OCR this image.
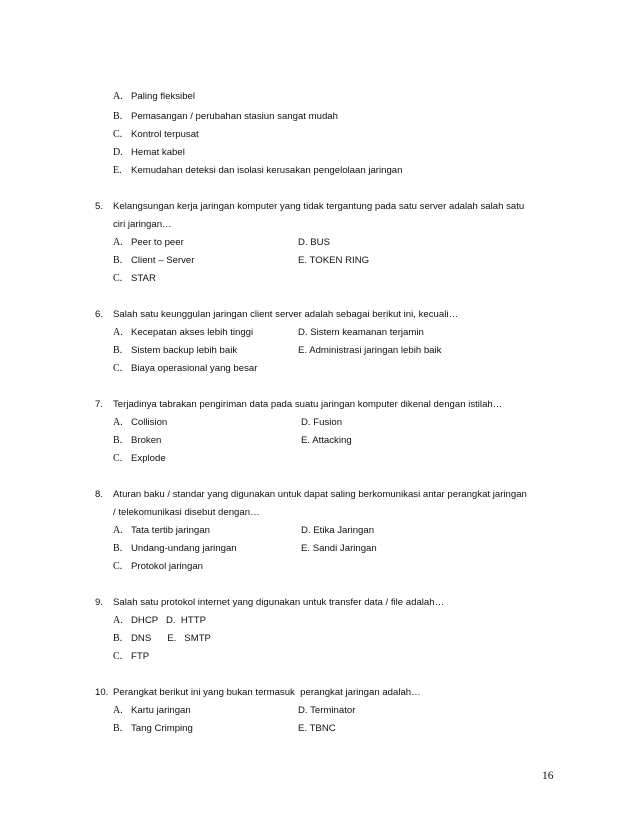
A. Paling fleksibel
B. Pemasangan / perubahan stasiun sangat mudah
C. Kontrol terpusat
D. Hemat kabel
E. Kemudahan deteksi dan isolasi kerusakan pengelolaan jaringan
5. Kelangsungan kerja jaringan komputer yang tidak tergantung pada satu server adalah salah satu
ciri jaringan…
A. Peer to peer	D. BUS
B. Client – Server	E. TOKEN RING
C. STAR
6. Salah satu keunggulan jaringan client server adalah sebagai berikut ini, kecuali…
A. Kecepatan akses lebih tinggi	D. Sistem keamanan terjamin
B. Sistem backup lebih baik	E. Administrasi jaringan lebih baik
C. Biaya operasional yang besar
7. Terjadinya tabrakan pengiriman data pada suatu jaringan komputer dikenal dengan istilah…
A. Collision	D. Fusion
B. Broken	E. Attacking
C. Explode
8. Aturan baku / standar yang digunakan untuk dapat saling berkomunikasi antar perangkat jaringan
/ telekomunikasi disebut dengan…
A. Tata tertib jaringan	D. Etika Jaringan
B. Undang-undang jaringan	E. Sandi Jaringan
C. Protokol jaringan
9. Salah satu protokol internet yang digunakan untuk transfer data / file adalah…
A. DHCP   D.  HTTP
B. DNS      E.   SMTP
C. FTP
10. Perangkat berikut ini yang bukan termasuk  perangkat jaringan adalah…
A. Kartu jaringan	D. Terminator
B. Tang Crimping	E. TBNC
16
